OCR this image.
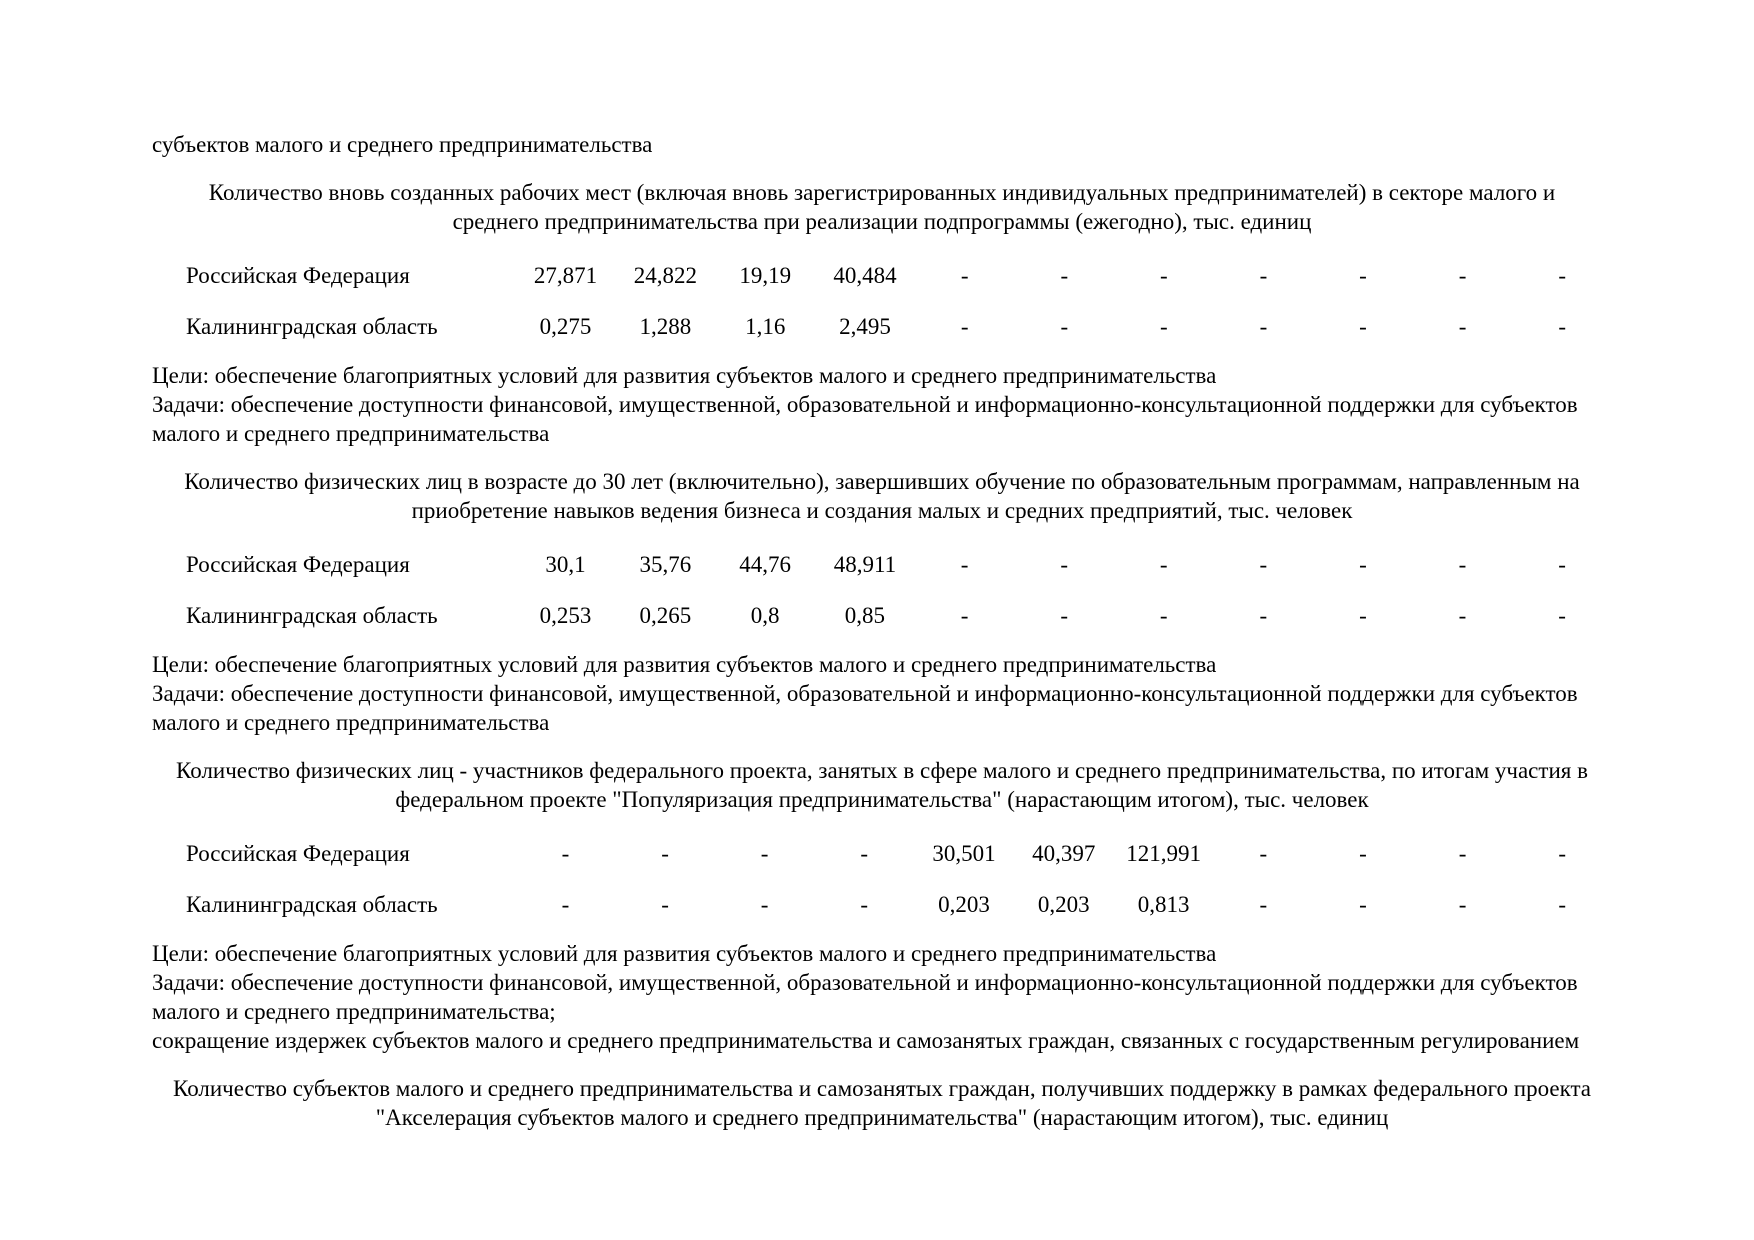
субъектов малого и среднего предпринимательства

Количество вновь созданных рабочих мест (включая вновь зарегистрированных индивидуальных предпринимателей) в секторе малого и среднего предпринимательства при реализации подпрограммы (ежегодно), тыс. единиц

Российская Федерация	27,871	24,822	19,19	40,484	-	-	-	-	-	-	-
Калининградская область	0,275	1,288	1,16	2,495	-	-	-	-	-	-	-

Цели: обеспечение благоприятных условий для развития субъектов малого и среднего предпринимательства

Задачи: обеспечение доступности финансовой, имущественной, образовательной и информационно-консультационной поддержки для субъектов малого и среднего предпринимательства

Количество физических лиц в возрасте до 30 лет (включительно), завершивших обучение по образовательным программам, направленным на приобретение навыков ведения бизнеса и создания малых и средних предприятий, тыс. человек

Российская Федерация	30,1	35,76	44,76	48,911	-	-	-	-	-	-	-
Калининградская область	0,253	0,265	0,8	0,85	-	-	-	-	-	-	-

Цели: обеспечение благоприятных условий для развития субъектов малого и среднего предпринимательства

Задачи: обеспечение доступности финансовой, имущественной, образовательной и информационно-консультационной поддержки для субъектов малого и среднего предпринимательства

Количество физических лиц - участников федерального проекта, занятых в сфере малого и среднего предпринимательства, по итогам участия в федеральном проекте "Популяризация предпринимательства" (нарастающим итогом), тыс. человек

Российская Федерация	-	-	-	-	30,501	40,397	121,991	-	-	-	-
Калининградская область	-	-	-	-	0,203	0,203	0,813	-	-	-	-

Цели: обеспечение благоприятных условий для развития субъектов малого и среднего предпринимательства

Задачи: обеспечение доступности финансовой, имущественной, образовательной и информационно-консультационной поддержки для субъектов малого и среднего предпринимательства;

сокращение издержек субъектов малого и среднего предпринимательства и самозанятых граждан, связанных с государственным регулированием

Количество субъектов малого и среднего предпринимательства и самозанятых граждан, получивших поддержку в рамках федерального проекта "Акселерация субъектов малого и среднего предпринимательства" (нарастающим итогом), тыс. единиц
